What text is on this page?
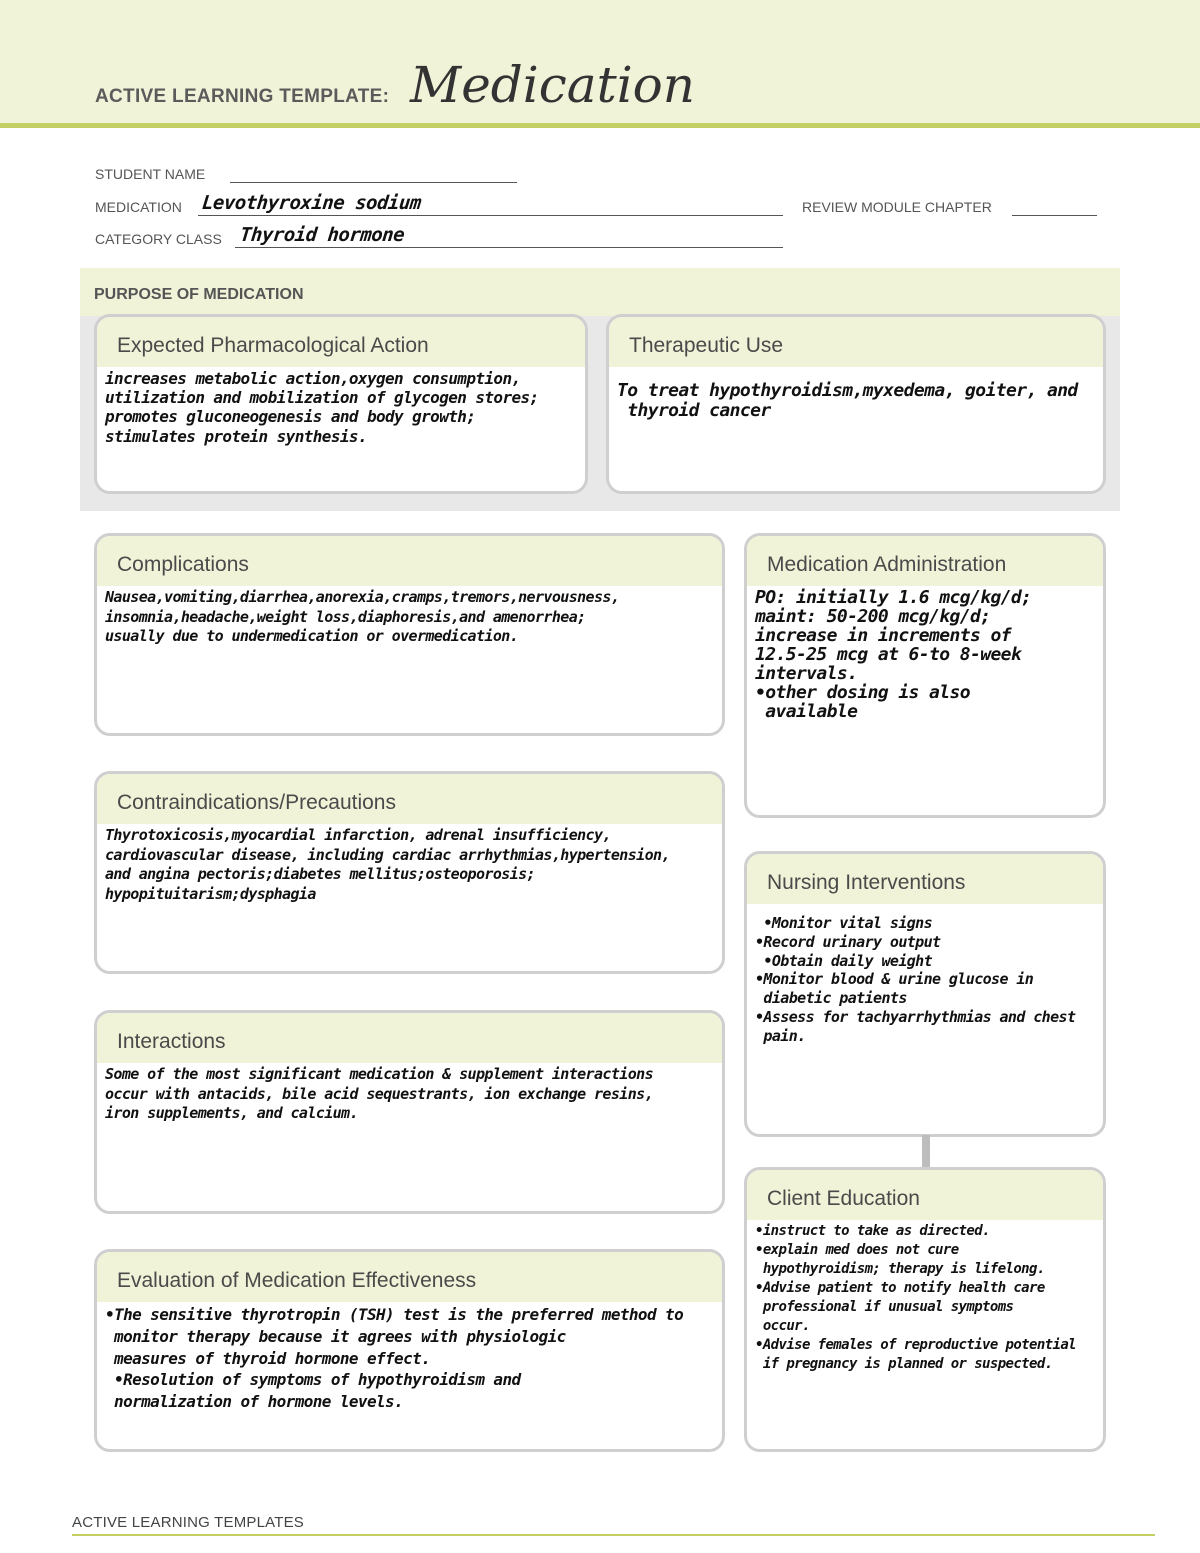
ACTIVE LEARNING TEMPLATE: Medication
STUDENT NAME
MEDICATION Levothyroxine sodium	REVIEW MODULE CHAPTER
CATEGORY CLASS Thyroid hormone
PURPOSE OF MEDICATION
Expected Pharmacological Action
increases metabolic action,oxygen consumption,
utilization and mobilization of glycogen stores;
promotes gluconeogenesis and body growth;
stimulates protein synthesis.
Therapeutic Use
To treat hypothyroidism,myxedema, goiter, and
thyroid cancer
Complications
Nausea,vomiting,diarrhea,anorexia,cramps,tremors,nervousness,
insomnia,headache,weight loss,diaphoresis,and amenorrhea;
usually due to undermedication or overmedication.
Medication Administration
PO: initially 1.6 mcg/kg/d;
maint: 50-200 mcg/kg/d;
increase in increments of
12.5-25 mcg at 6-to 8-week
intervals.
•other dosing is also
available
Contraindications/Precautions
Thyrotoxicosis,myocardial infarction, adrenal insufficiency,
cardiovascular disease, including cardiac arrhythmias,hypertension,
and angina pectoris;diabetes mellitus;osteoporosis;
hypopituitarism;dysphagia	Nursing Interventions
•Monitor vital signs
•Record urinary output
•Obtain daily weight
•Monitor blood & urine glucose in
diabetic patients
•Assess for tachyarrhythmias and chest
pain.
Interactions
Some of the most significant medication & supplement interactions
occur with antacids, bile acid sequestrants, ion exchange resins,
iron supplements, and calcium.
Client Education
•instruct to take as directed.
•explain med does not cure
hypothyroidism; therapy is lifelong.
•Advise patient to notify health care
professional if unusual symptoms
occur.
•Advise females of reproductive potential
if pregnancy is planned or suspected.
Evaluation of Medication Effectiveness
•The sensitive thyrotropin (TSH) test is the preferred method to
monitor therapy because it agrees with physiologic
measures of thyroid hormone effect.
•Resolution of symptoms of hypothyroidism and
normalization of hormone levels.
ACTIVE LEARNING TEMPLATES
